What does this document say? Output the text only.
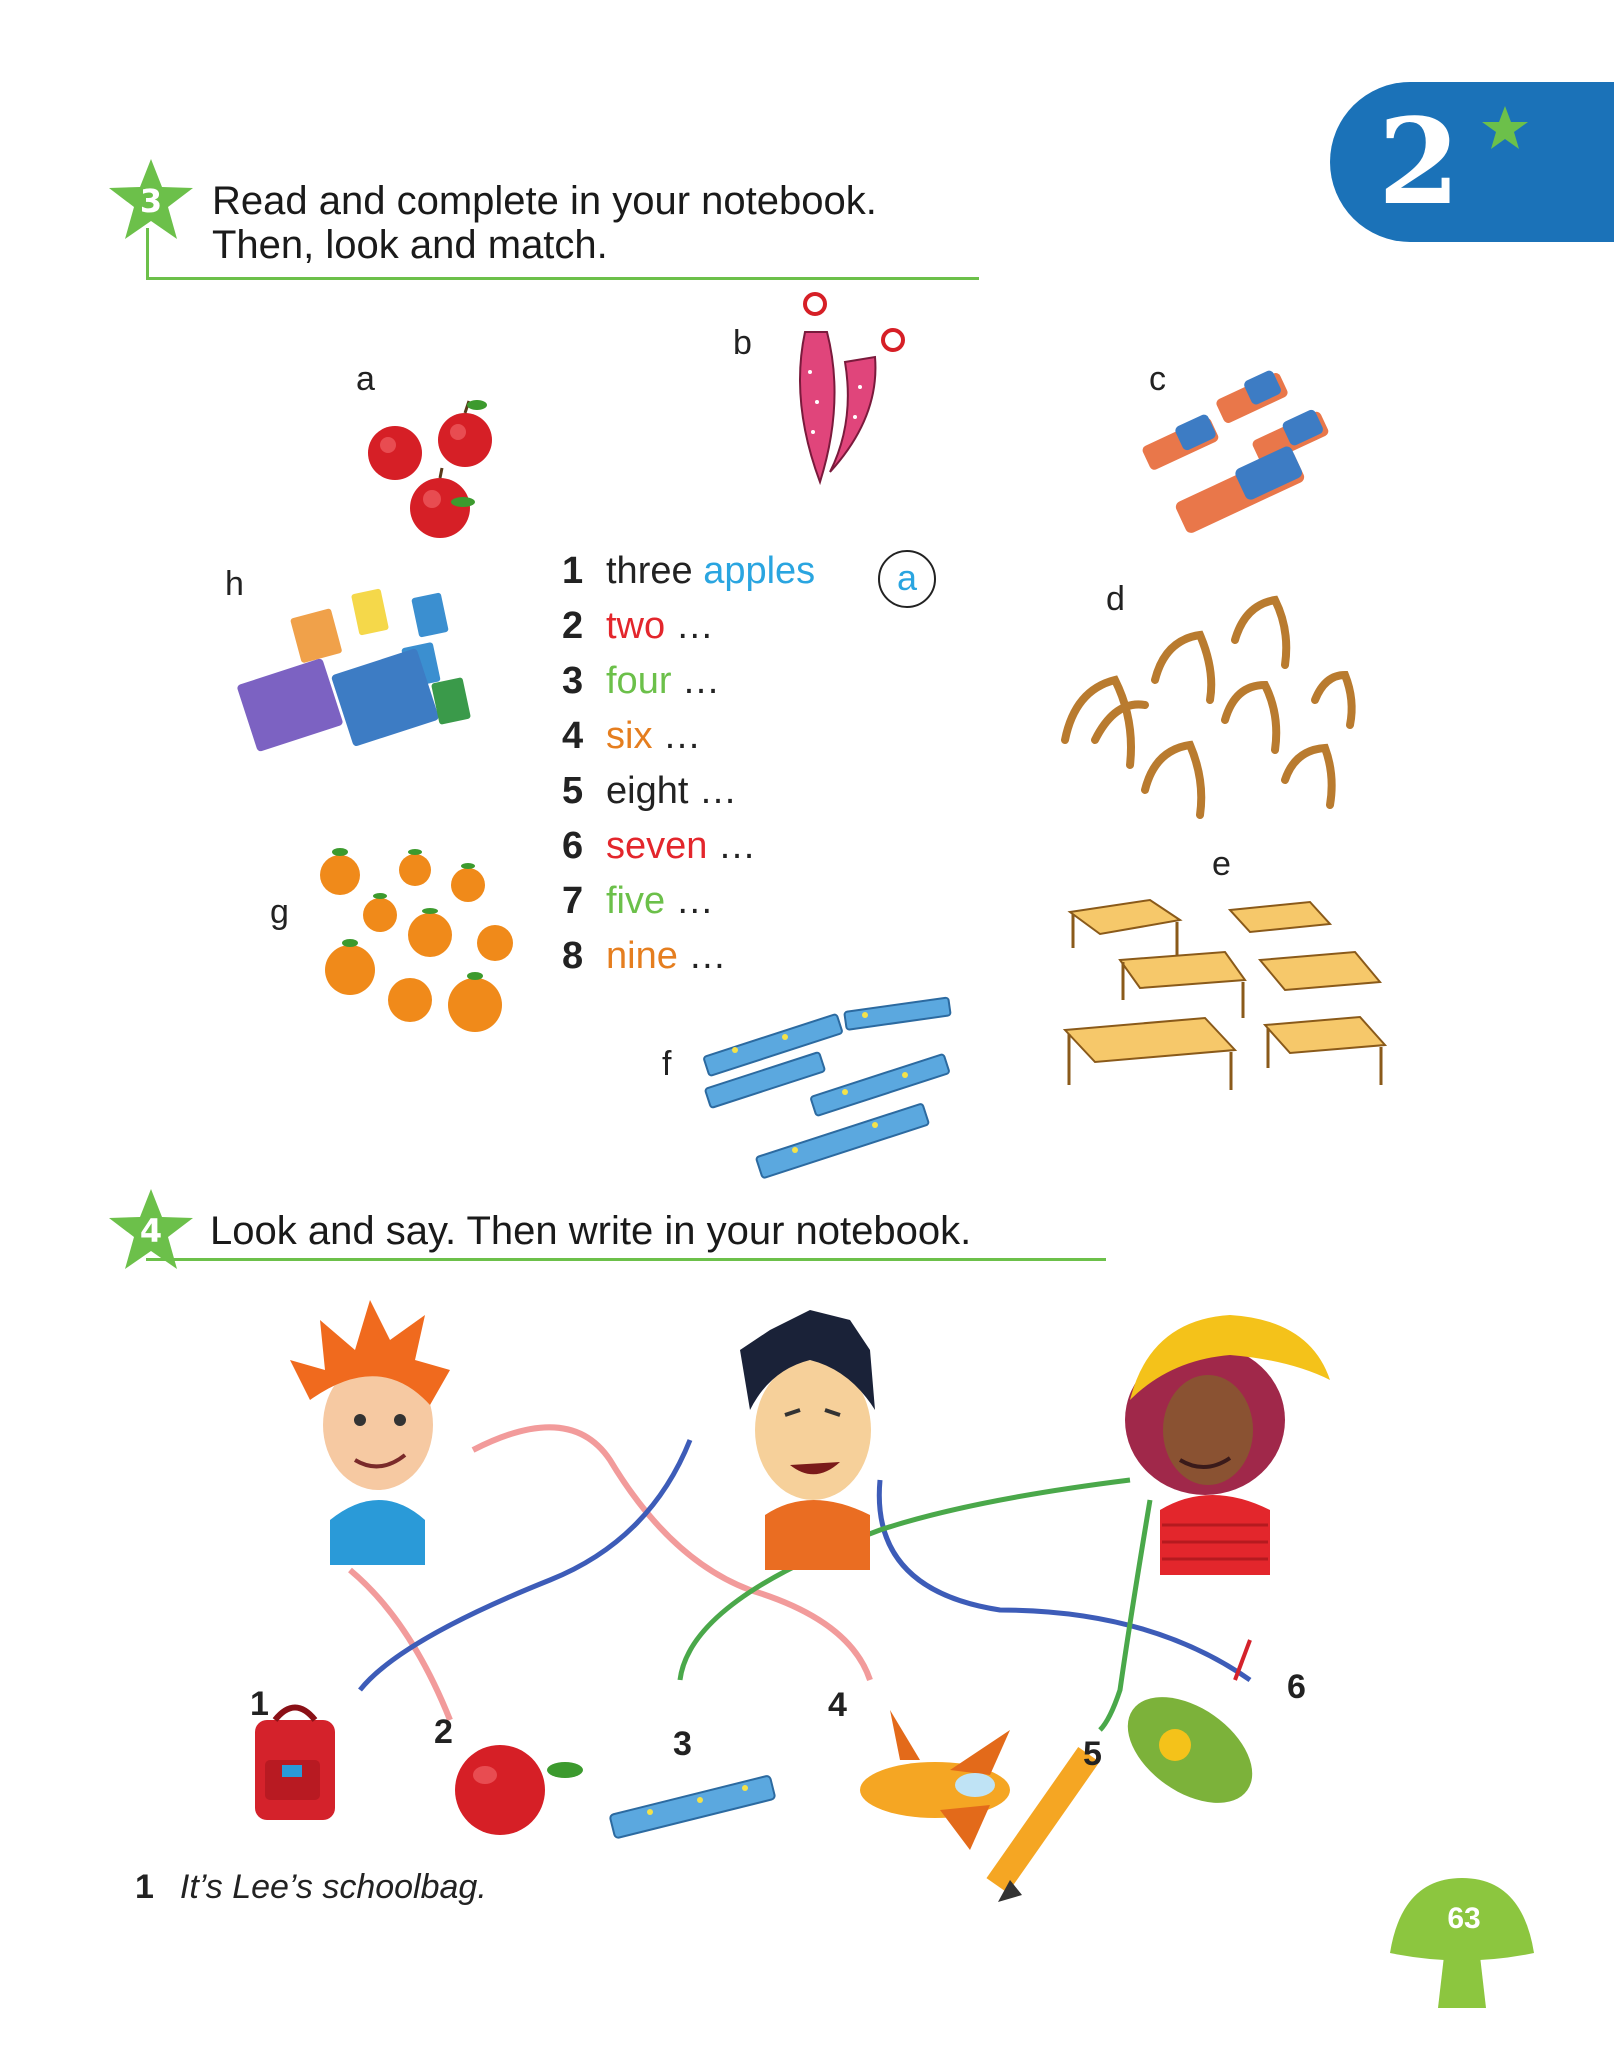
2
3	Read and complete in your notebook.
Then, look and match.
a
b
c
d
e
f
g
h	1 three apples	a
2 two …
3 four …
4 six …
5 eight …
6 seven …
7 five …
8 nine …
4	Look and say. Then write in your notebook.
1
2	3
4
5
6
1 It’s Lee’s schoolbag.
63
